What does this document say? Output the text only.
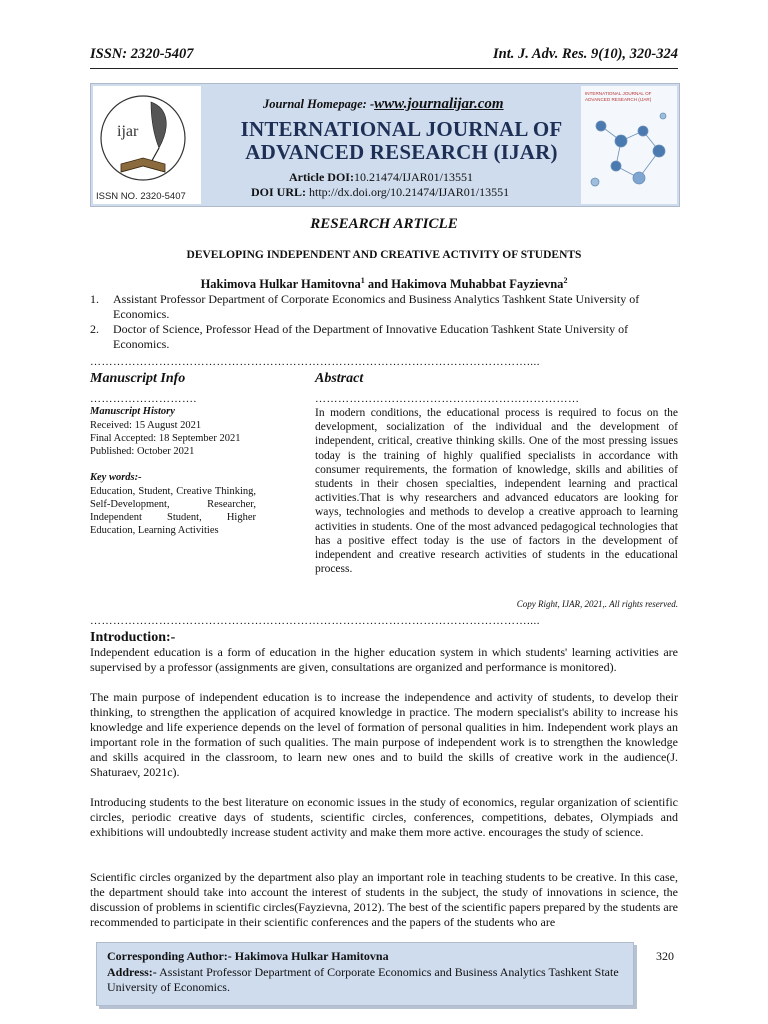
ISSN: 2320-5407	Int. J. Adv. Res. 9(10), 320-324
ijar
ISSN NO. 2320-5407
Journal Homepage: -www.journalijar.com
INTERNATIONAL JOURNAL OF ADVANCED RESEARCH (IJAR)
Article DOI:10.21474/IJAR01/13551
DOI URL: http://dx.doi.org/10.21474/IJAR01/13551
INTERNATIONAL JOURNAL OF
ADVANCED RESEARCH (IJAR)
RESEARCH ARTICLE
DEVELOPING INDEPENDENT AND CREATIVE ACTIVITY OF STUDENTS
Hakimova Hulkar Hamitovna$^1$ and Hakimova Muhabbat Fayzievna$^2$
1.	Assistant Professor Department of Corporate Economics and Business Analytics Tashkent State University of Economics.
2.	Doctor of Science, Professor Head of the Department of Innovative Education Tashkent State University of Economics.
……………………………………………………………………………………………………....
Manuscript Info
……………………….
Manuscript History
Received: 15 August 2021
Final Accepted: 18 September 2021
Published: October 2021
Key words:-
Education, Student, Creative Thinking, Self-Development, Researcher, Independent Student, Higher Education, Learning Activities
Abstract
……………………………………………………………
In modern conditions, the educational process is required to focus on the development, socialization of the individual and the development of independent, critical, creative thinking skills. One of the most pressing issues today is the training of highly qualified specialists in accordance with consumer requirements, the formation of knowledge, skills and abilities of students in their chosen specialties, independent learning and practical activities.That is why researchers and advanced educators are looking for ways, technologies and methods to develop a creative approach to learning activities in students. One of the most advanced pedagogical technologies that has a positive effect today is the use of factors in the development of independent and creative research activities of students in the educational process.
Copy Right, IJAR, 2021,. All rights reserved.
……………………………………………………………………………………………………....
Introduction:-
Independent education is a form of education in the higher education system in which students' learning activities are supervised by a professor (assignments are given, consultations are organized and performance is monitored).
The main purpose of independent education is to increase the independence and activity of students, to develop their thinking, to strengthen the application of acquired knowledge in practice. The modern specialist's ability to increase his knowledge and life experience depends on the level of formation of personal qualities in him. Independent work plays an important role in the formation of such qualities. The main purpose of independent work is to strengthen the knowledge and skills acquired in the classroom, to learn new ones and to build the skills of creative work in the audience(J. Shaturaev, 2021c).
Introducing students to the best literature on economic issues in the study of economics, regular organization of scientific circles, periodic creative days of students, scientific circles, conferences, competitions, debates, Olympiads and exhibitions will undoubtedly increase student activity and make them more active. encourages the study of science.
Scientific circles organized by the department also play an important role in teaching students to be creative. In this case, the department should take into account the interest of students in the subject, the study of innovations in science, the discussion of problems in scientific circles(Fayzievna, 2012). The best of the scientific papers prepared by the students are recommended to participate in their scientific conferences and the papers of the students who are
Corresponding Author:- Hakimova Hulkar Hamitovna
Address:- Assistant Professor Department of Corporate Economics and Business Analytics Tashkent State University of Economics.
320
